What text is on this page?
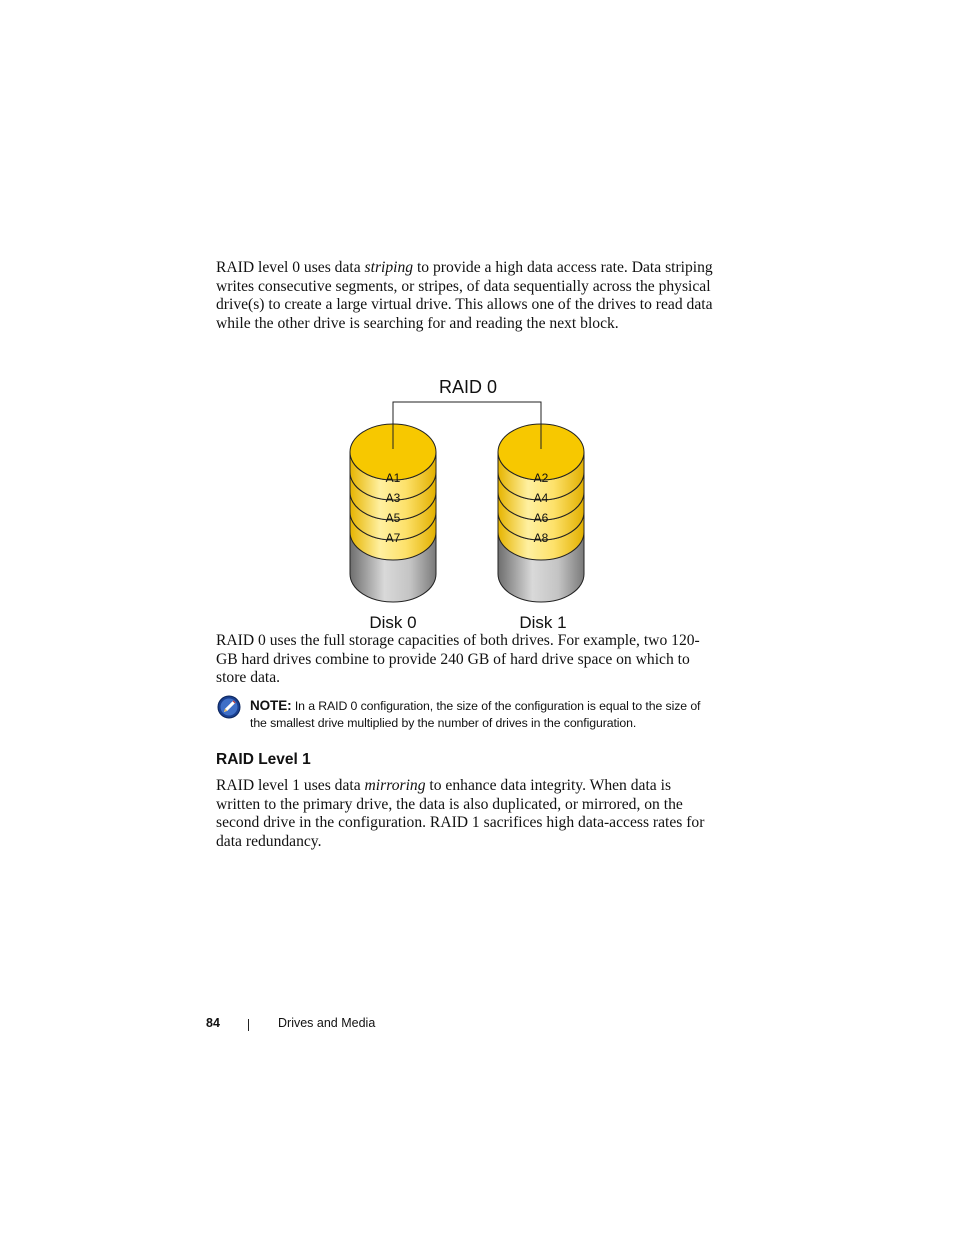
RAID level 0 uses data striping to provide a high data access rate. Data striping writes consecutive segments, or stripes, of data sequentially across the physical drive(s) to create a large virtual drive. This allows one of the drives to read data while the other drive is searching for and reading the next block.

A1
A3
A5
A7
A2
A4
A6
A8
RAID 0
Disk 0	Disk 1

RAID 0 uses the full storage capacities of both drives. For example, two 120-GB hard drives combine to provide 240 GB of hard drive space on which to store data.

NOTE: In a RAID 0 configuration, the size of the configuration is equal to the size of the smallest drive multiplied by the number of drives in the configuration.
RAID Level 1

RAID level 1 uses data mirroring to enhance data integrity. When data is written to the primary drive, the data is also duplicated, or mirrored, on the second drive in the configuration. RAID 1 sacrifices high data-access rates for data redundancy.

84	Drives and Media
